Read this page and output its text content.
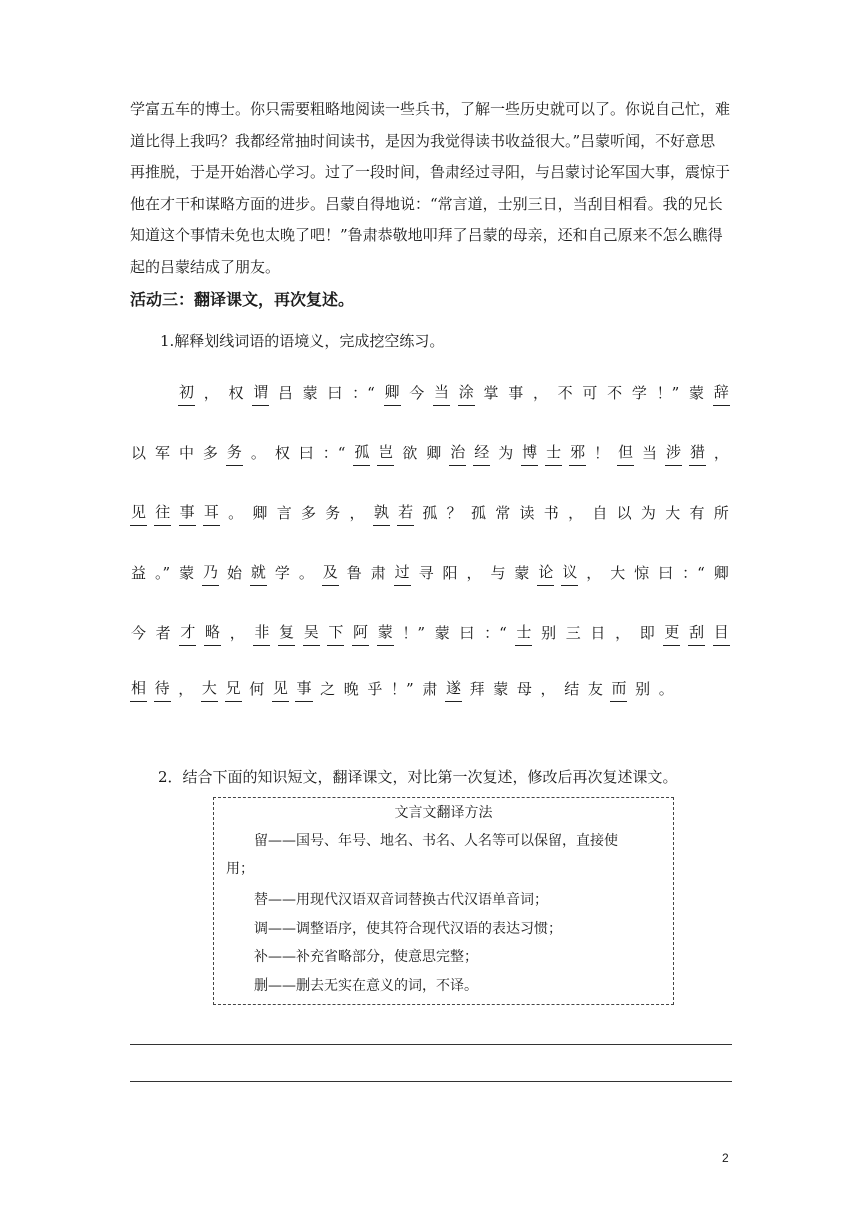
学富五车的博士。你只需要粗略地阅读一些兵书，了解一些历史就可以了。你说自己忙，难
道比得上我吗？我都经常抽时间读书，是因为我觉得读书收益很大。”吕蒙听闻，不好意思
再推脱，于是开始潜心学习。过了一段时间，鲁肃经过寻阳，与吕蒙讨论军国大事，震惊于
他在才干和谋略方面的进步。吕蒙自得地说：“常言道，士别三日，当刮目相看。我的兄长
知道这个事情未免也太晚了吧！”鲁肃恭敬地叩拜了吕蒙的母亲，还和自己原来不怎么瞧得
起的吕蒙结成了朋友。

活动三：翻译课文，再次复述。

1.解释划线词语的语境义，完成挖空练习。

初 ， 权 谓 吕 蒙 曰 ：“ 卿 今 当 涂 掌 事 ， 不 可 不 学 ！” 蒙 辞
以 军 中 多 务 。 权 曰 ：“ 孤 岂 欲 卿 治 经 为 博 士 邪 ！ 但 当 涉 猎 ，
见 往 事 耳 。 卿 言 多 务 ， 孰 若 孤 ？ 孤 常 读 书 ， 自 以 为 大 有 所
益 。” 蒙 乃 始 就 学 。 及 鲁 肃 过 寻 阳 ， 与 蒙 论 议 ， 大 惊 曰 ：“ 卿
今 者 才 略 ， 非 复 吴 下 阿 蒙 ！” 蒙 曰 ：“ 士 别 三 日 ， 即 更 刮 目
相 待 ， 大 兄 何 见 事 之 晚 乎 ！” 肃 遂 拜 蒙 母 ， 结 友 而 别 。

2．结合下面的知识短文，翻译课文，对比第一次复述，修改后再次复述课文。

文言文翻译方法

留——国号、年号、地名、书名、人名等可以保留，直接使

用；

替——用现代汉语双音词替换古代汉语单音词；

调——调整语序，使其符合现代汉语的表达习惯；

补——补充省略部分，使意思完整；

删——删去无实在意义的词，不译。

2
